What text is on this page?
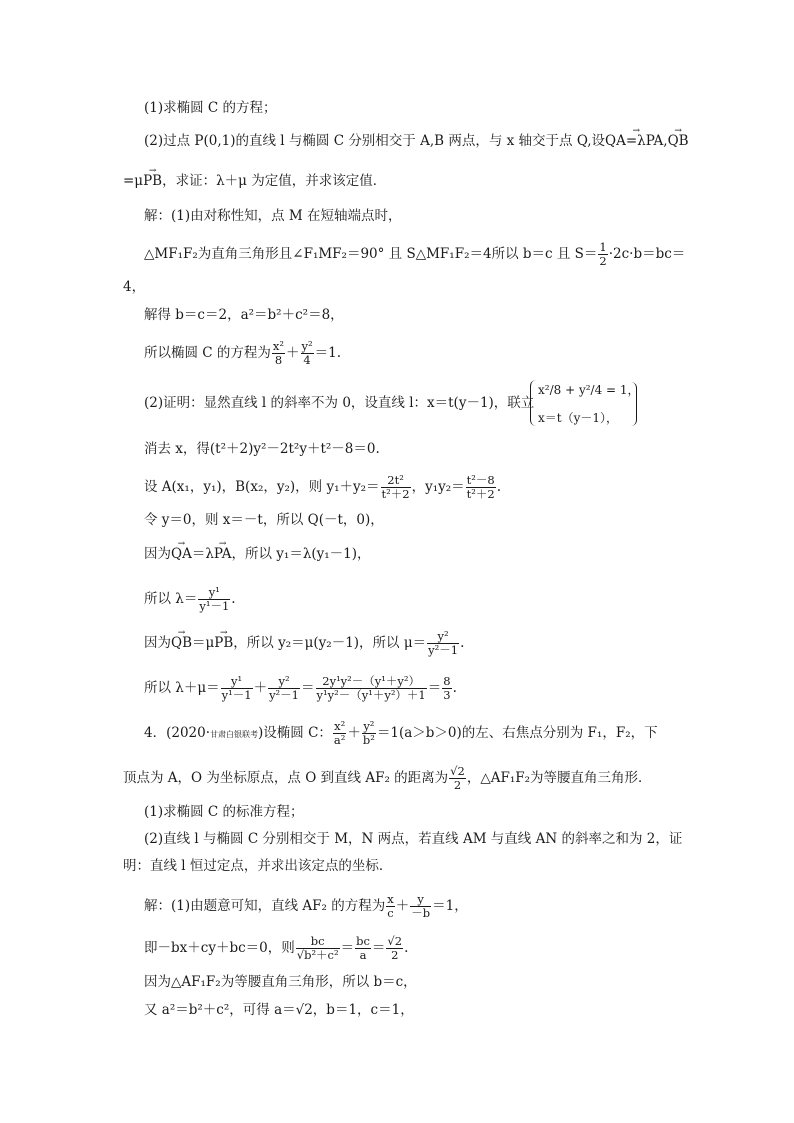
(1)求椭圆 C 的方程；
(2)过点 P(0,1)的直线 l 与椭圆 C 分别相交于 A,B 两点，与 x 轴交于点 Q,设→ QA=λPA,→ QB
=μ→ PB，求证：λ＋μ 为定值，并求该定值．
解：(1)由对称性知，点 M 在短轴端点时，
△MF₁F₂为直角三角形且∠F₁MF₂＝90° 且 S△MF₁F₂＝4所以 b＝c 且 $S= \frac{1}{2} \cdot 2c\cdot b=bc=$
4，
解得 b＝c＝2，a²＝b²＋c²＝8，
所以椭圆 C 的方程为 $\frac{\text{x²}}{8} + \frac{\text{y²}}{4} =1$.
(2)证明：显然直线 l 的斜率不为 0，设直线 l：x＝t(y－1)，联立
x²/8 + y²/4 = 1，
x＝t（y－1），
消去 x，得(t²＋2)y²－2t²y＋t²－8＝0.
设 A(x₁，y₁)，B(x₂，y₂)，则 $y_1+y_2= \frac{\text{2t²}}{\text{t²＋2}}$ ，$y_1y_2= \frac{\text{t²－8}}{\text{t²＋2}}$ .
令 y＝0，则 x＝－t，所以 Q(－t，0)，
因为→ QA＝λ→ PA，所以 y₁＝λ(y₁－1)，
所以 $\lambda= \frac{\text{y¹}}{\text{y¹－1}}$ .
因为→ QB＝μ→ PB，所以 y₂＝μ(y₂－1)，所以 $\mu= \frac{\text{y²}}{\text{y²－1}}$ .
所以 $\lambda+\mu= \frac{\text{y¹}}{\text{y¹－1}} + \frac{\text{y²}}{\text{y²－1}} = \frac{\text{2y¹y²－（y¹＋y²）}}{\text{y¹y²－（y¹＋y²）＋1}} = \frac{8}{3}$ .
4．(2020·甘肃白银联考)设椭圆 C： $\frac{\text{x²}}{\text{a²}} + \frac{\text{y²}}{\text{b²}} =1(a>b>0)$的左、右焦点分别为 F₁，F₂，下
顶点为 A，O 为坐标原点，点 O 到直线 AF₂ 的距离为 $\frac{√2}{2}$ ，△AF₁F₂为等腰直角三角形．
(1)求椭圆 C 的标准方程；
(2)直线 l 与椭圆 C 分别相交于 M，N 两点，若直线 AM 与直线 AN 的斜率之和为 2，证
明：直线 l 恒过定点，并求出该定点的坐标．
解：(1)由题意可知，直线 AF₂ 的方程为 $\frac{x}{c} + \frac{y}{-b} =1$，
即－bx＋cy＋bc＝0，则 $\frac{bc}{\text{√b²＋c²}} = \frac{bc}{a} = \frac{√2}{2}$ .
因为△AF₁F₂为等腰直角三角形，所以 b＝c，
又 a²＝b²＋c²，可得 a＝√2，b＝1，c＝1，
